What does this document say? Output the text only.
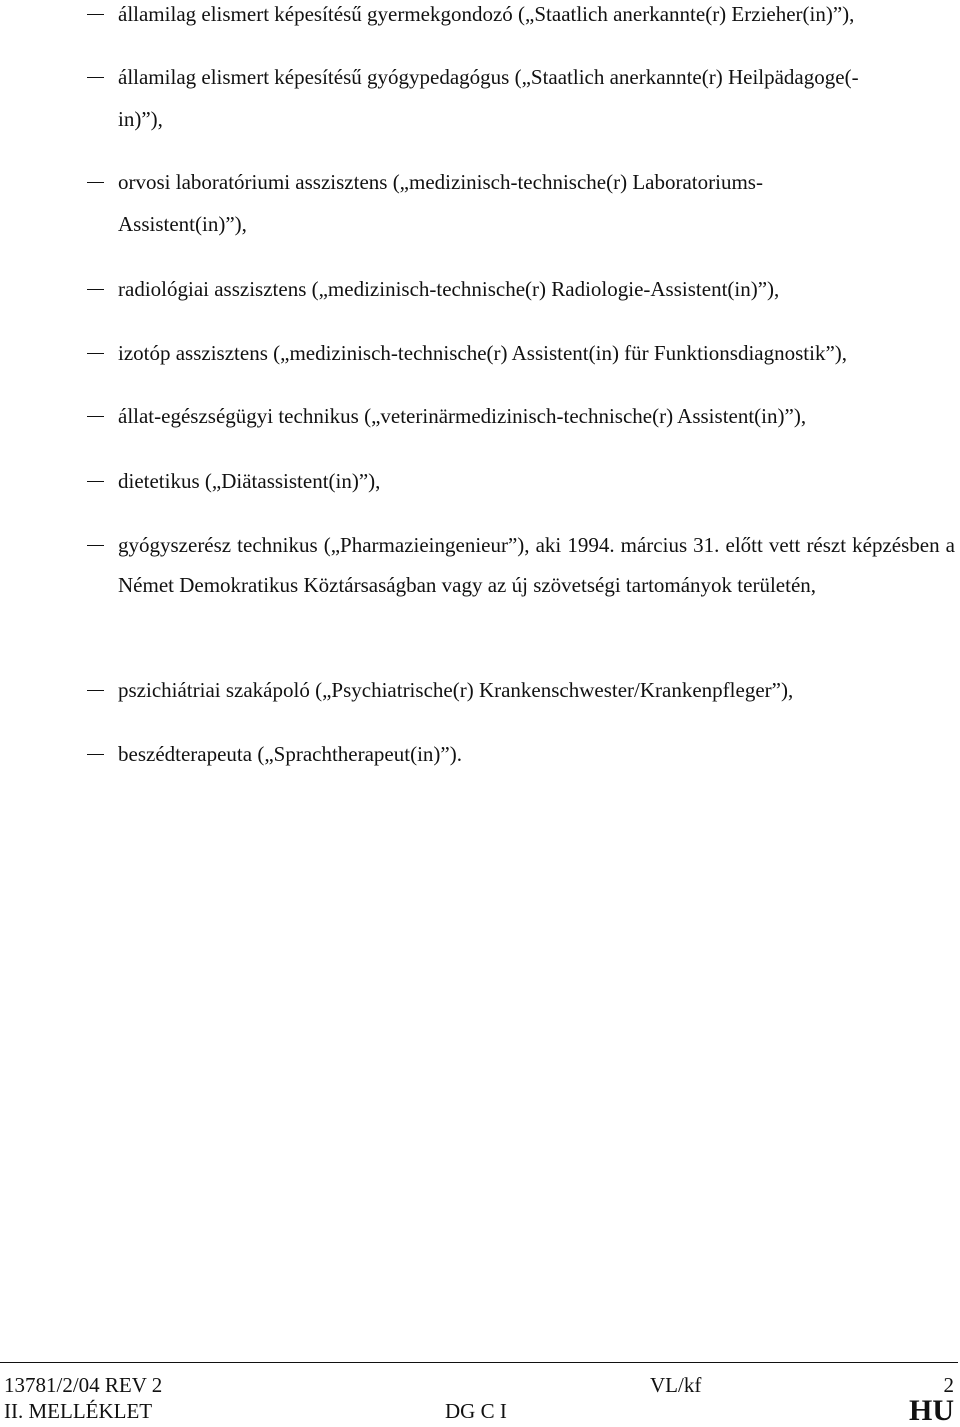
államilag elismert képesítésű gyermekgondozó („Staatlich anerkannte(r) Erzieher(in)”),
államilag elismert képesítésű gyógypedagógus („Staatlich anerkannte(r) Heilpädagoge(-
in)”),
orvosi laboratóriumi asszisztens („medizinisch-technische(r) Laboratoriums-
Assistent(in)”),
radiológiai asszisztens („medizinisch-technische(r) Radiologie-Assistent(in)”),
izotóp asszisztens („medizinisch-technische(r) Assistent(in) für Funktionsdiagnostik”),
állat-egészségügyi technikus („veterinärmedizinisch-technische(r) Assistent(in)”),
dietetikus („Diätassistent(in)”),
gyógyszerész technikus („Pharmazieingenieur”), aki 1994. március 31. előtt vett részt képzésben a Német Demokratikus Köztársaságban vagy az új szövetségi tartományok területén,
pszichiátriai szakápoló („Psychiatrische(r) Krankenschwester/Krankenpfleger”),
beszédterapeuta („Sprachtherapeut(in)”).
13781/2/04 REV 2	VL/kf	2
II. MELLÉKLET	DG C I	HU
